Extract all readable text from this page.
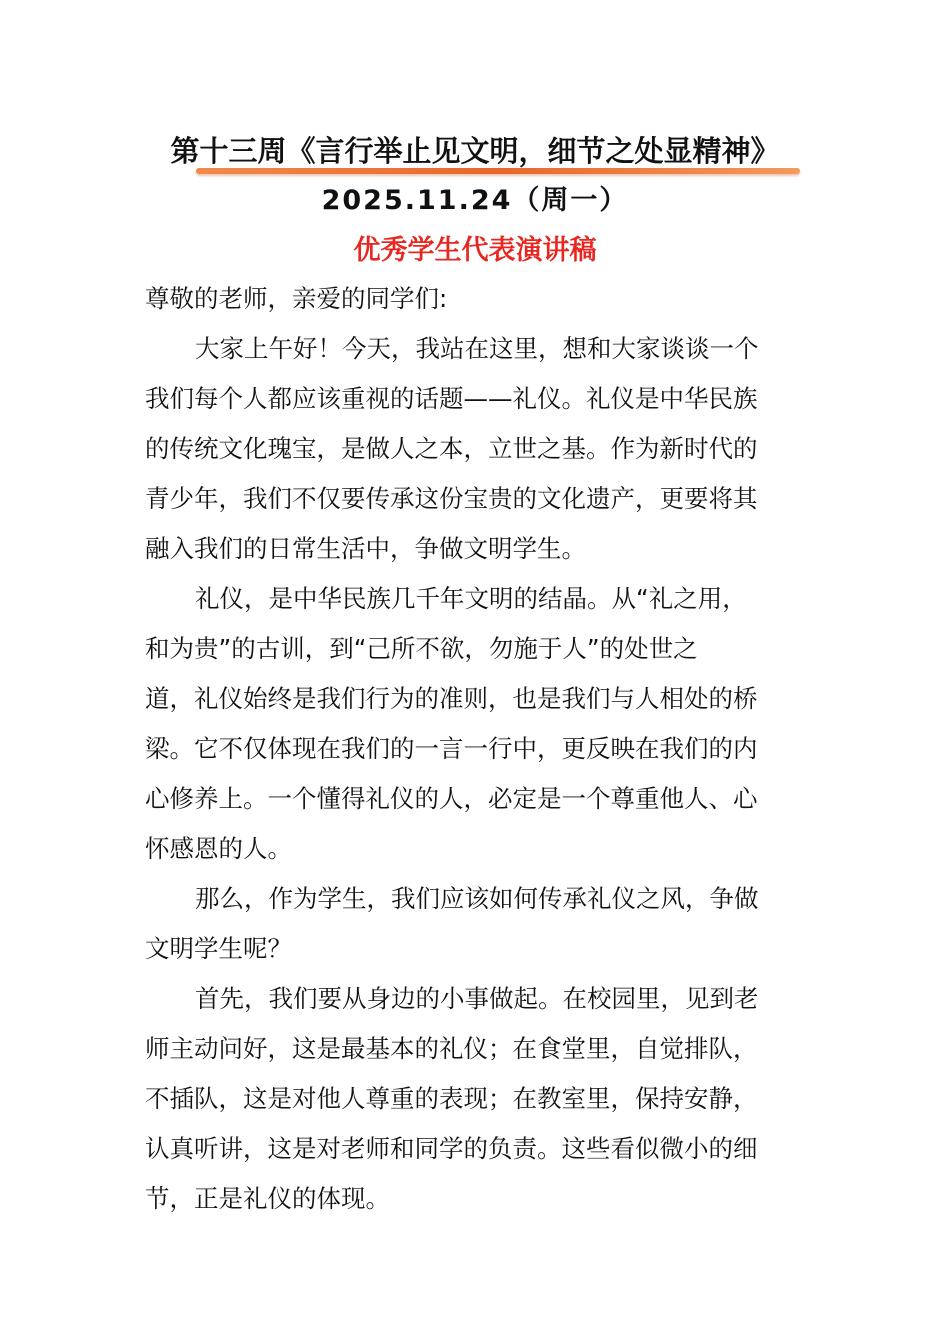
第十三周《言行举止见文明，细节之处显精神》
2025.11.24（周一）
优秀学生代表演讲稿
尊敬的老师，亲爱的同学们:
大家上午好！今天，我站在这里，想和大家谈谈一个
我们每个人都应该重视的话题——礼仪。礼仪是中华民族
的传统文化瑰宝，是做人之本，立世之基。作为新时代的
青少年，我们不仅要传承这份宝贵的文化遗产，更要将其
融入我们的日常生活中，争做文明学生。
礼仪，是中华民族几千年文明的结晶。从“礼之用，
和为贵”的古训，到“己所不欲，勿施于人”的处世之
道，礼仪始终是我们行为的准则，也是我们与人相处的桥
梁。它不仅体现在我们的一言一行中，更反映在我们的内
心修养上。一个懂得礼仪的人，必定是一个尊重他人、心
怀感恩的人。
那么，作为学生，我们应该如何传承礼仪之风，争做
文明学生呢？
首先，我们要从身边的小事做起。在校园里，见到老
师主动问好，这是最基本的礼仪；在食堂里，自觉排队，
不插队，这是对他人尊重的表现；在教室里，保持安静，
认真听讲，这是对老师和同学的负责。这些看似微小的细
节，正是礼仪的体现。
